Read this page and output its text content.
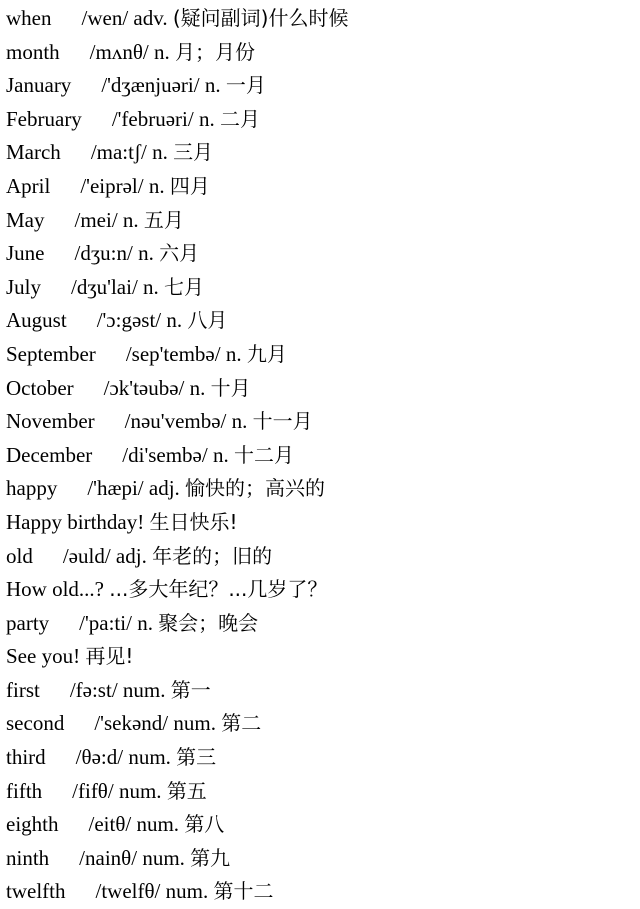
when /wen/ adv. (疑问副词)什么时候
month /mʌnθ/ n. 月；月份
January /'dʒænjuəri/ n. 一月
February /'februəri/ n. 二月
March /ma:tʃ/ n. 三月
April /'eiprəl/ n. 四月
May /mei/ n. 五月
June /dʒu:n/ n. 六月
July /dʒu'lai/ n. 七月
August /'ɔ:gəst/ n. 八月
September /sep'tembə/ n. 九月
October /ɔk'təubə/ n. 十月
November /nəu'vembə/ n. 十一月
December /di'sembə/ n. 十二月
happy /'hæpi/ adj. 愉快的；高兴的
Happy birthday! 生日快乐!
old /əuld/ adj. 年老的；旧的
How old...? ...多大年纪？...几岁了？
party /'pa:ti/ n. 聚会；晚会
See you! 再见!
first /fə:st/ num. 第一
second /'sekənd/ num. 第二
third /θə:d/ num. 第三
fifth /fifθ/ num. 第五
eighth /eitθ/ num. 第八
ninth /nainθ/ num. 第九
twelfth /twelfθ/ num. 第十二
